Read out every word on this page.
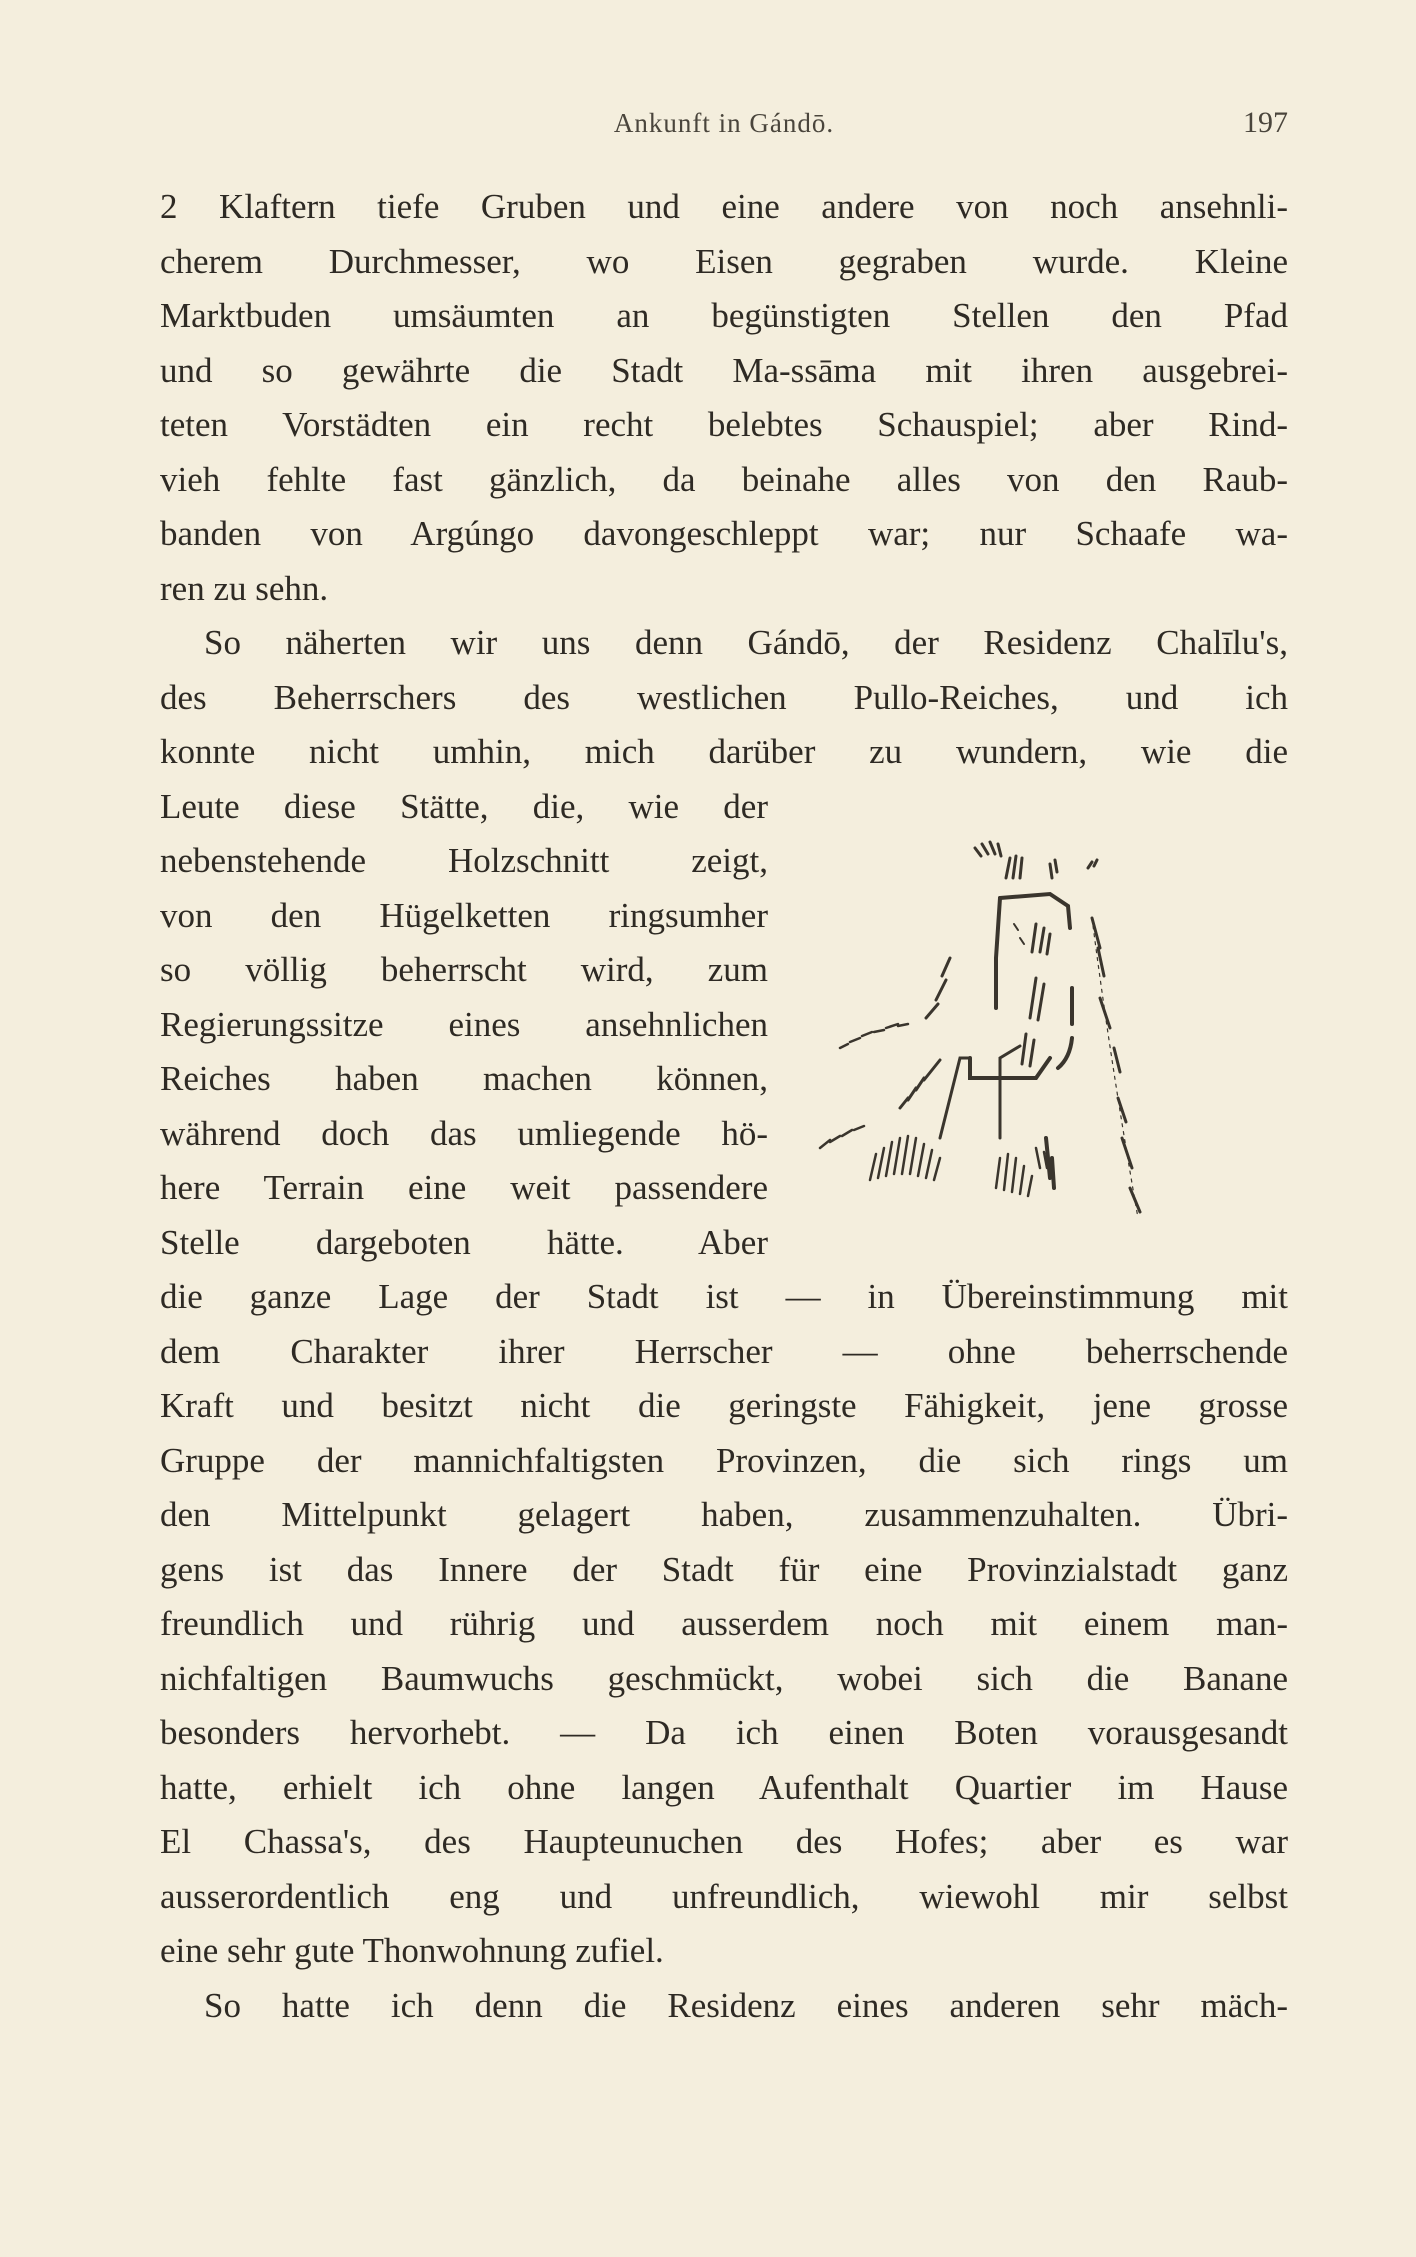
Ankunft in Gándō.	197
2 Klaftern tiefe Gruben und eine andere von noch ansehnli-
cherem Durchmesser, wo Eisen gegraben wurde. Kleine
Marktbuden umsäumten an begünstigten Stellen den Pfad
und so gewährte die Stadt Ma-ssāma mit ihren ausgebrei-
teten Vorstädten ein recht belebtes Schauspiel; aber Rind-
vieh fehlte fast gänzlich, da beinahe alles von den Raub-
banden von Argúngo davongeschleppt war; nur Schaafe wa-
ren zu sehn.
So näherten wir uns denn Gándō, der Residenz Chalīlu's,
des Beherrschers des westlichen Pullo-Reiches, und ich
konnte nicht umhin, mich darüber zu wundern, wie die
Leute diese Stätte, die, wie der
nebenstehende Holzschnitt zeigt,
von den Hügelketten ringsumher
so völlig beherrscht wird, zum
Regierungssitze eines ansehnlichen
Reiches haben machen können,
während doch das umliegende hö-
here Terrain eine weit passendere
Stelle dargeboten hätte. Aber
die ganze Lage der Stadt ist — in Übereinstimmung mit
dem Charakter ihrer Herrscher — ohne beherrschende
Kraft und besitzt nicht die geringste Fähigkeit, jene grosse
Gruppe der mannichfaltigsten Provinzen, die sich rings um
den Mittelpunkt gelagert haben, zusammenzuhalten. Übri-
gens ist das Innere der Stadt für eine Provinzialstadt ganz
freundlich und rührig und ausserdem noch mit einem man-
nichfaltigen Baumwuchs geschmückt, wobei sich die Banane
besonders hervorhebt. — Da ich einen Boten vorausgesandt
hatte, erhielt ich ohne langen Aufenthalt Quartier im Hause
El Chassa's, des Haupteunuchen des Hofes; aber es war
ausserordentlich eng und unfreundlich, wiewohl mir selbst
eine sehr gute Thonwohnung zufiel.
So hatte ich denn die Residenz eines anderen sehr mäch-
